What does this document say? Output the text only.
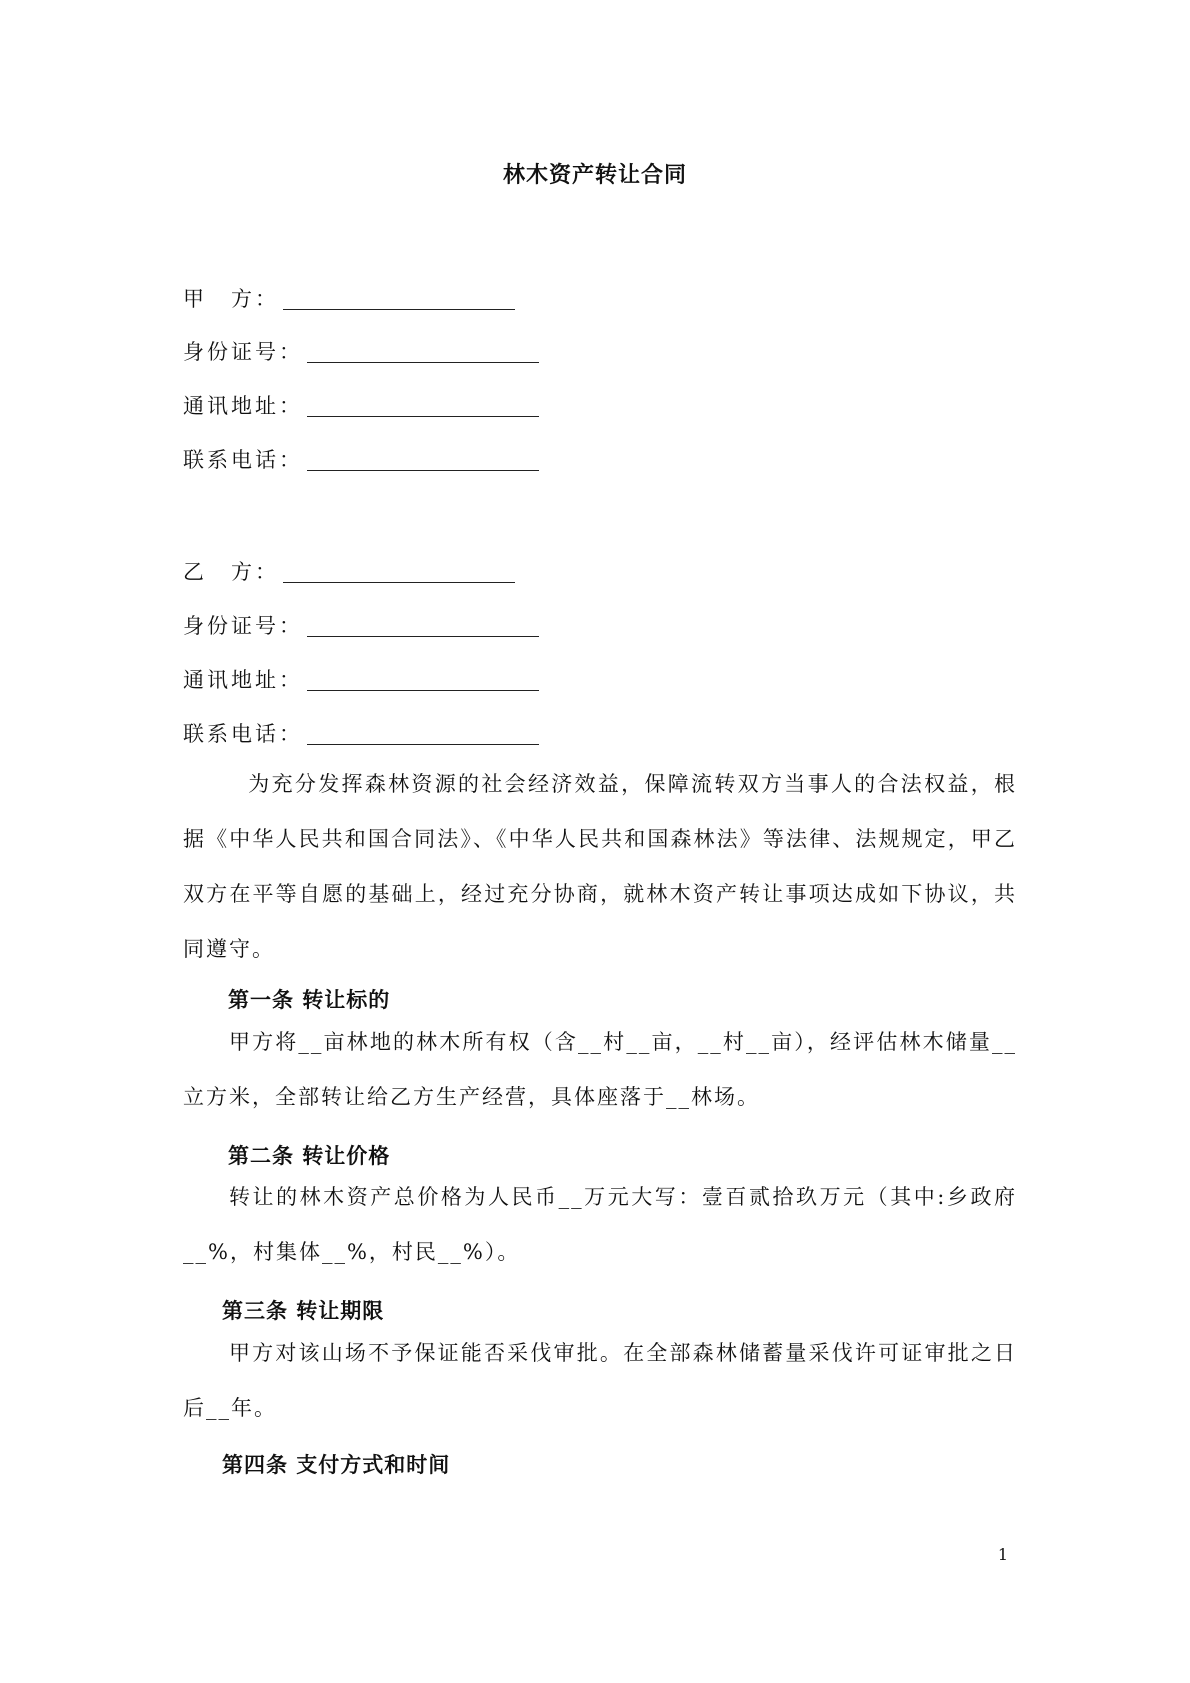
林木资产转让合同
甲　方：
身份证号：
通讯地址：
联系电话：
乙　方：
身份证号：
通讯地址：
联系电话：
　为充分发挥森林资源的社会经济效益，保障流转双方当事人的合法权益，根据《中华人民共和国合同法》、《中华人民共和国森林法》等法律、法规规定，甲乙双方在平等自愿的基础上，经过充分协商，就林木资产转让事项达成如下协议，共同遵守。
第一条 转让标的
甲方将__亩林地的林木所有权（含__村__亩，__村__亩），经评估林木储量__立方米，全部转让给乙方生产经营，具体座落于__林场。
第二条 转让价格
转让的林木资产总价格为人民币__万元大写：壹百贰拾玖万元（其中:乡政府__%，村集体__%，村民__%）。
第三条 转让期限
甲方对该山场不予保证能否采伐审批。在全部森林储蓄量采伐许可证审批之日后__年。
第四条 支付方式和时间
1
